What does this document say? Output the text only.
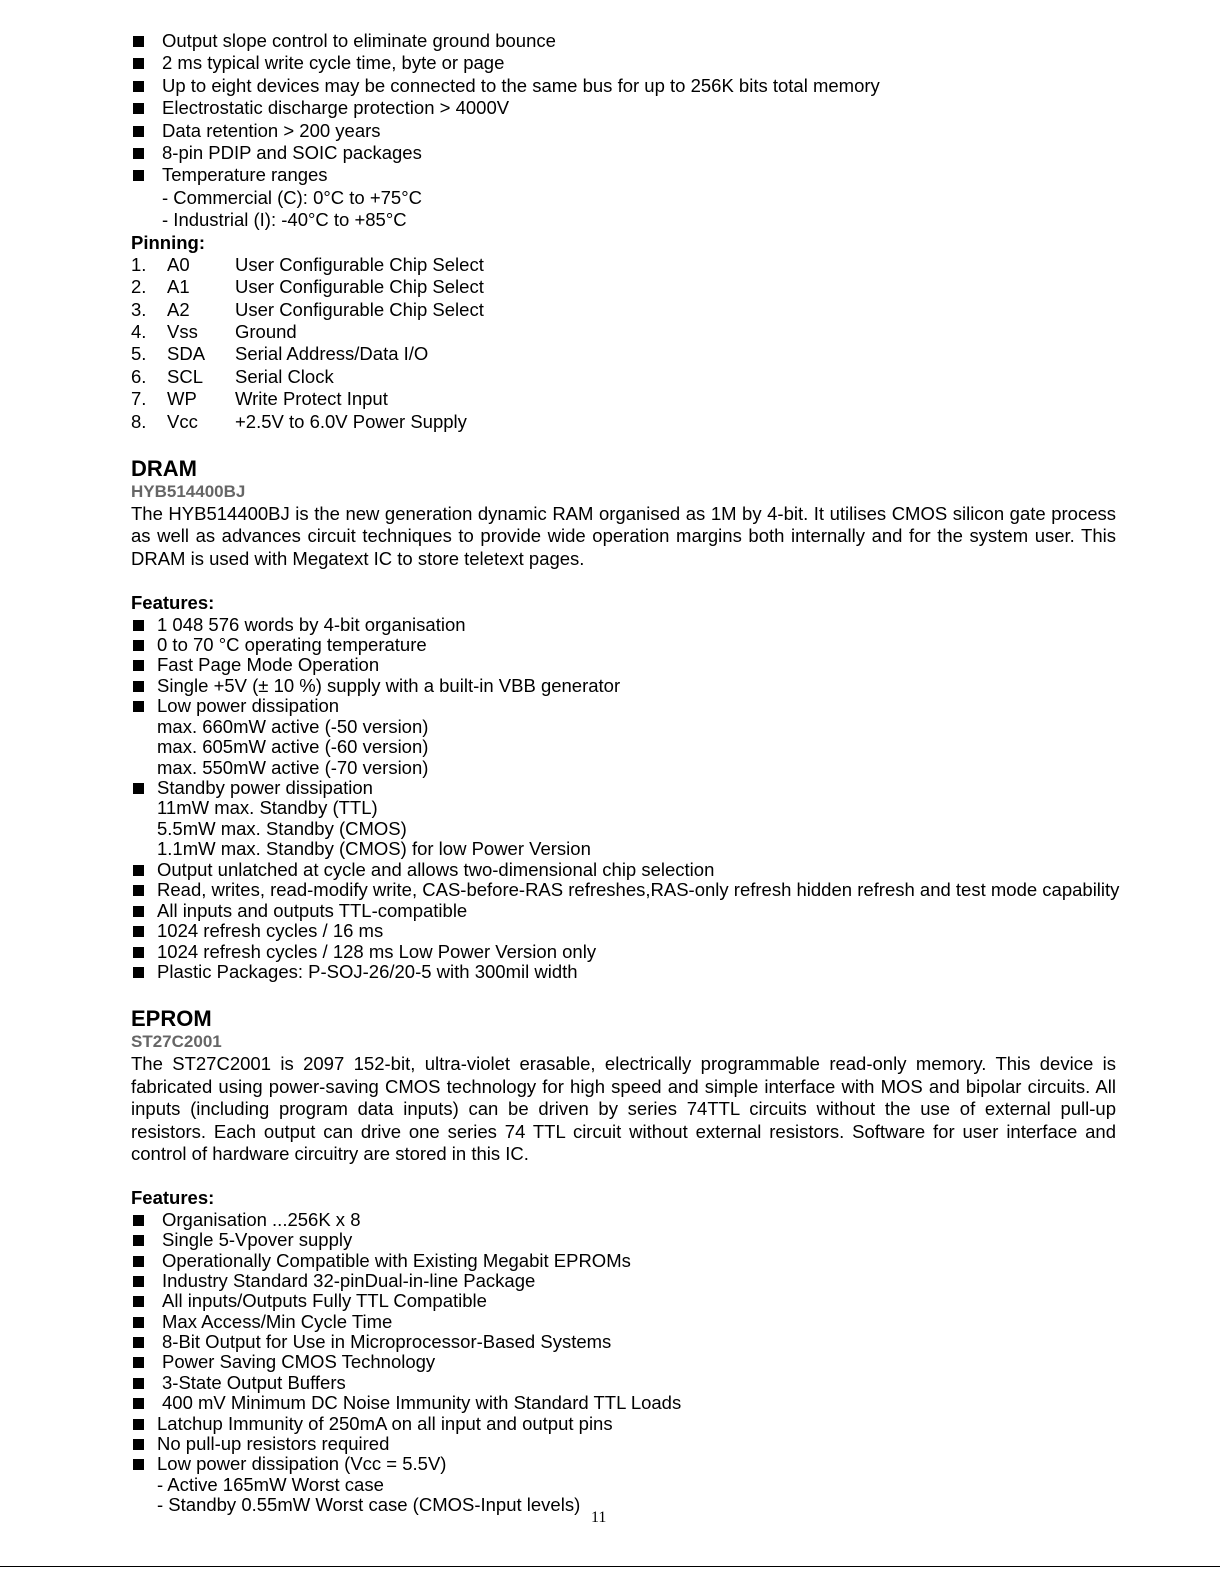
Output slope control to eliminate ground bounce
2 ms typical write cycle time, byte or page
Up to eight devices may be connected to the same bus for up to 256K bits total memory
Electrostatic discharge protection > 4000V
Data retention > 200 years
8-pin PDIP and SOIC packages
Temperature ranges
- Commercial (C): 0°C to +75°C
- Industrial (I): -40°C to +85°C
Pinning:
1. A0 User Configurable Chip Select
2. A1 User Configurable Chip Select
3. A2 User Configurable Chip Select
4. Vss Ground
5. SDA Serial Address/Data I/O
6. SCL Serial Clock
7. WP Write Protect Input
8. Vcc +2.5V to 6.0V Power Supply
DRAM
HYB514400BJ
The HYB514400BJ is the new generation dynamic RAM organised as 1M by 4-bit. It utilises CMOS silicon gate process as well as advances circuit techniques to provide wide operation margins both internally and for the system user. This DRAM is used with Megatext IC to store teletext pages.
Features:
1 048 576 words by 4-bit organisation
0 to 70 °C operating temperature
Fast Page Mode Operation
Single +5V (± 10 %) supply with a built-in VBB generator
Low power dissipation
max. 660mW active (-50 version)
max. 605mW active (-60 version)
max. 550mW active (-70 version)
Standby power dissipation
11mW max. Standby (TTL)
5.5mW max. Standby (CMOS)
1.1mW max. Standby (CMOS) for low Power Version
Output unlatched at cycle and allows two-dimensional chip selection
Read, writes, read-modify write, CAS-before-RAS refreshes,RAS-only refresh hidden refresh and test mode capability
All inputs and outputs TTL-compatible
1024 refresh cycles / 16 ms
1024 refresh cycles / 128 ms Low Power Version only
Plastic Packages: P-SOJ-26/20-5 with 300mil width
EPROM
ST27C2001
The ST27C2001 is 2097 152-bit, ultra-violet erasable, electrically programmable read-only memory. This device is fabricated using power-saving CMOS technology for high speed and simple interface with MOS and bipolar circuits. All inputs (including program data inputs) can be driven by series 74TTL circuits without the use of external pull-up resistors. Each output can drive one series 74 TTL circuit without external resistors. Software for user interface and control of hardware circuitry are stored in this IC.
Features:
Organisation ...256K x 8
Single 5-Vpover supply
Operationally Compatible with Existing Megabit EPROMs
Industry Standard 32-pinDual-in-line Package
All inputs/Outputs Fully TTL Compatible
Max Access/Min Cycle Time
8-Bit Output for Use in Microprocessor-Based Systems
Power Saving CMOS Technology
3-State Output Buffers
400 mV Minimum DC Noise Immunity with Standard TTL Loads
Latchup Immunity of 250mA on all input and output pins
No pull-up resistors required
Low power dissipation (Vcc = 5.5V)
- Active 165mW Worst case
- Standby 0.55mW Worst case (CMOS-Input levels)
11
